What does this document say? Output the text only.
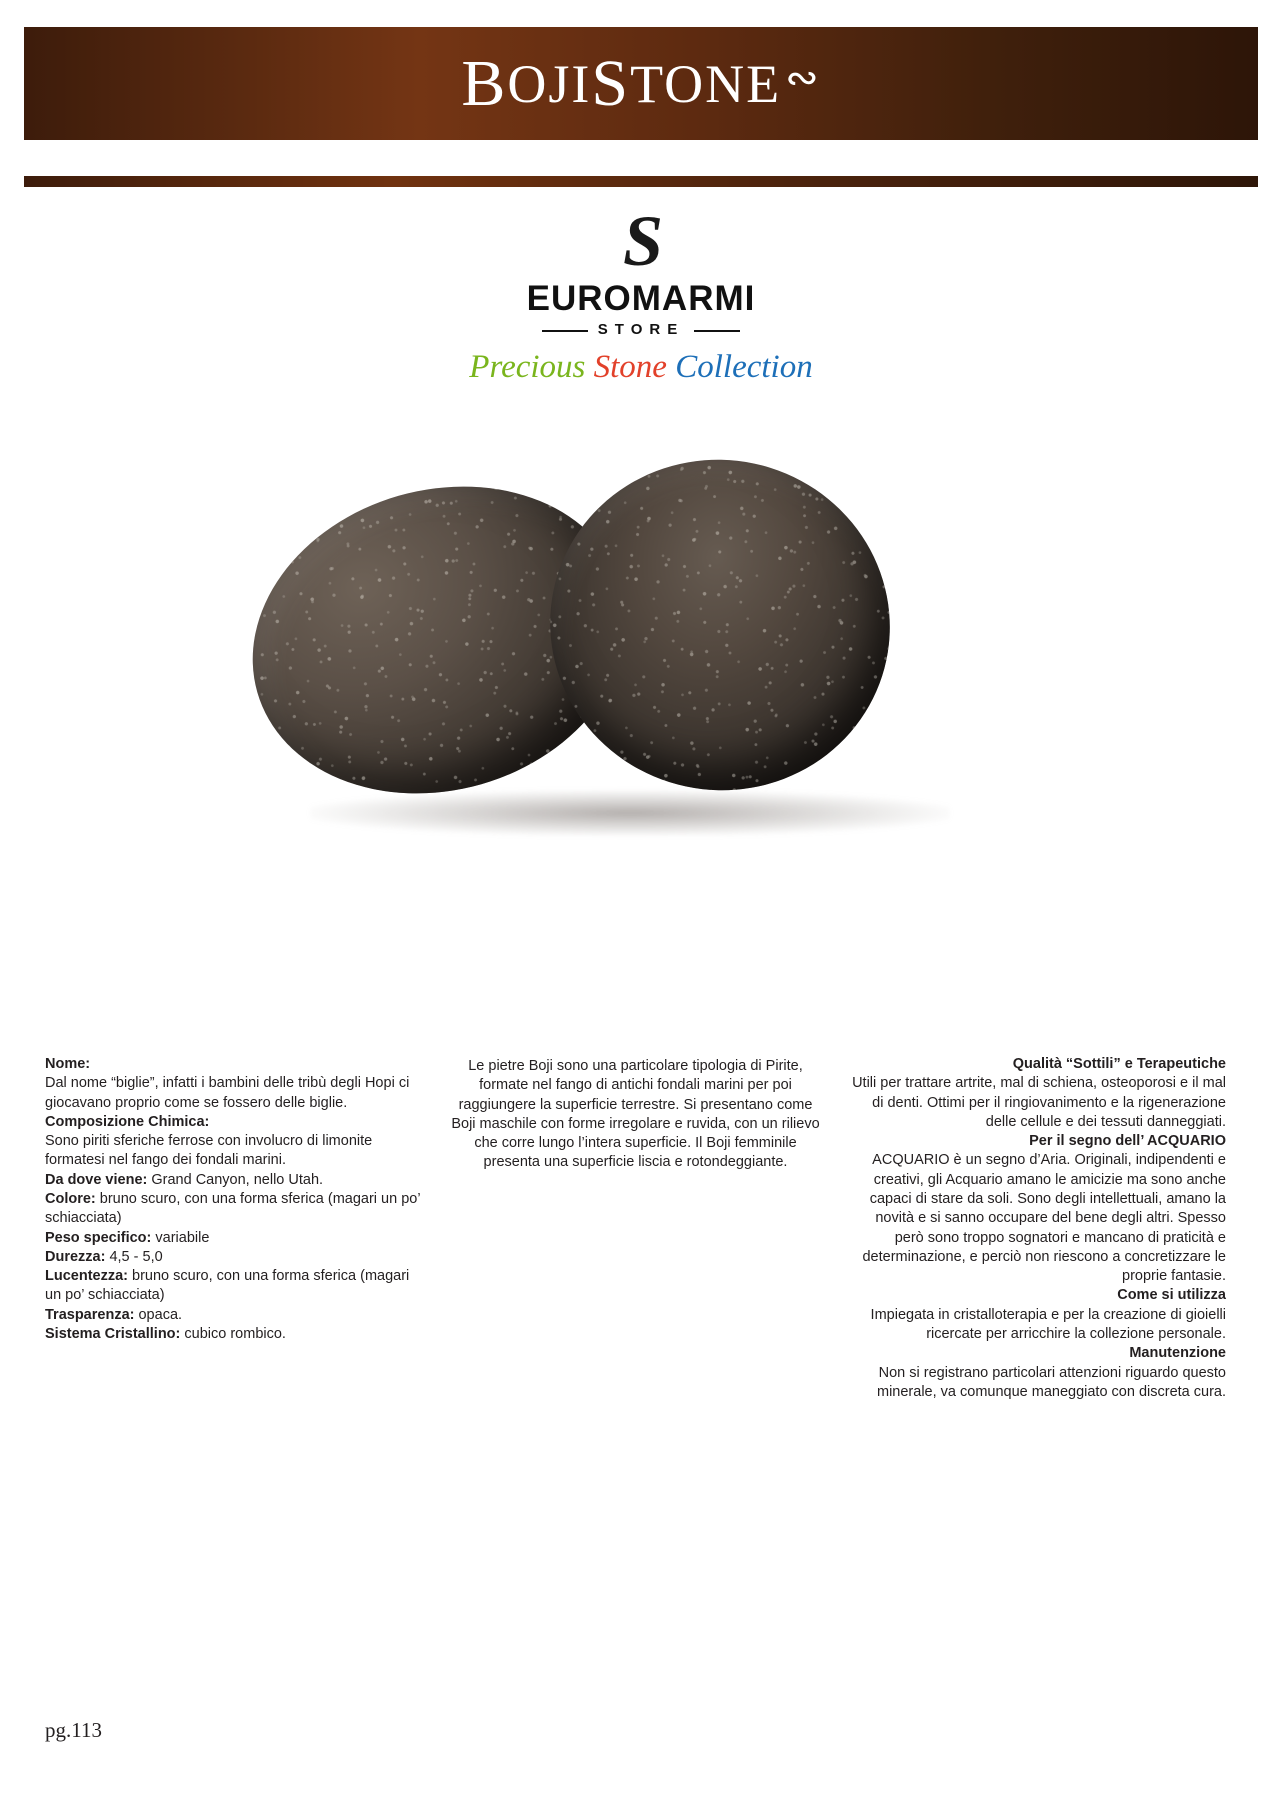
B OJI S TONE ∾
S
EUROMARMI
STORE
Precious Stone Collection

Nome:
Dal nome “biglie”, infatti i bambini delle tribù degli Hopi ci giocavano proprio come se fossero delle biglie.

Composizione Chimica:
Sono piriti sferiche ferrose con involucro di limonite formatesi nel fango dei fondali marini.

Da dove viene: Grand Canyon, nello Utah.

Colore: bruno scuro, con una forma sferica (magari un po’ schiacciata)

Peso specifico: variabile

Durezza: 4,5 - 5,0

Lucentezza: bruno scuro, con una forma sferica (magari un po’ schiacciata)

Trasparenza: opaca.

Sistema Cristallino: cubico rombico.

Le pietre Boji sono una particolare tipologia di Pirite, formate nel fango di antichi fondali marini per poi raggiungere la superficie terrestre. Si presentano come Boji maschile con forme irregolare e ruvida, con un rilievo che corre lungo l’intera superficie. Il Boji femminile presenta una superficie liscia e rotondeggiante.

Qualità “Sottili” e Terapeutiche
Utili per trattare artrite, mal di schiena, osteoporosi e il mal di denti. Ottimi per il ringiovanimento e la rigenerazione delle cellule e dei tessuti danneggiati.

Per il segno dell’ ACQUARIO
ACQUARIO è un segno d’Aria. Originali, indipendenti e creativi, gli Acquario amano le amicizie ma sono anche capaci di stare da soli. Sono degli intellettuali, amano la novità e si sanno occupare del bene degli altri. Spesso però sono troppo sognatori e mancano di praticità e determinazione, e perciò non riescono a concretizzare le proprie fantasie.

Come si utilizza
Impiegata in cristalloterapia e per la creazione di gioielli ricercate per arricchire la collezione personale.

Manutenzione
Non si registrano particolari attenzioni riguardo questo minerale, va comunque maneggiato con discreta cura.

pg.113
